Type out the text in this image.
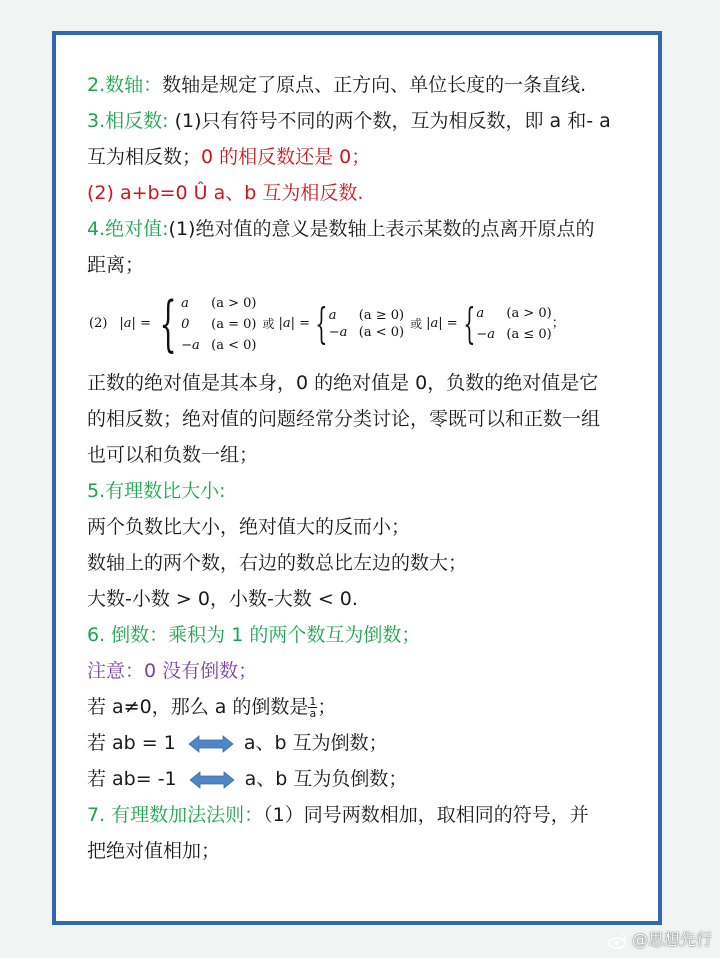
2.数轴：数轴是规定了原点、正方向、单位长度的一条直线.
3.相反数: (1)只有符号不同的两个数，互为相反数，即 a 和- a
互为相反数；0 的相反数还是 0；
(2) a+b=0 Û a、b 互为相反数.
4.绝对值:(1)绝对值的意义是数轴上表示某数的点离开原点的
距离；
(2) |a| = { a (a > 0)
0 (a = 0)
−a (a < 0)
或 |a| = { a (a ≥ 0)
−a (a < 0)
或 |a| = { a (a > 0)
−a (a ≤ 0)
；
正数的绝对值是其本身，0 的绝对值是 0，负数的绝对值是它
的相反数；绝对值的问题经常分类讨论，零既可以和正数一组
也可以和负数一组；
5.有理数比大小:
两个负数比大小，绝对值大的反而小；
数轴上的两个数，右边的数总比左边的数大；
大数-小数 > 0，小数-大数 < 0.
6. 倒数：乘积为 1 的两个数互为倒数；
注意：0 没有倒数；
若 a≠0，那么 a 的倒数是 $\frac{1}{a}$ ；
若 ab = 1	a、b 互为倒数；
若 ab= -1	a、b 互为负倒数；
7. 有理数加法法则：（1）同号两数相加，取相同的符号，并
把绝对值相加；
@思想先行
